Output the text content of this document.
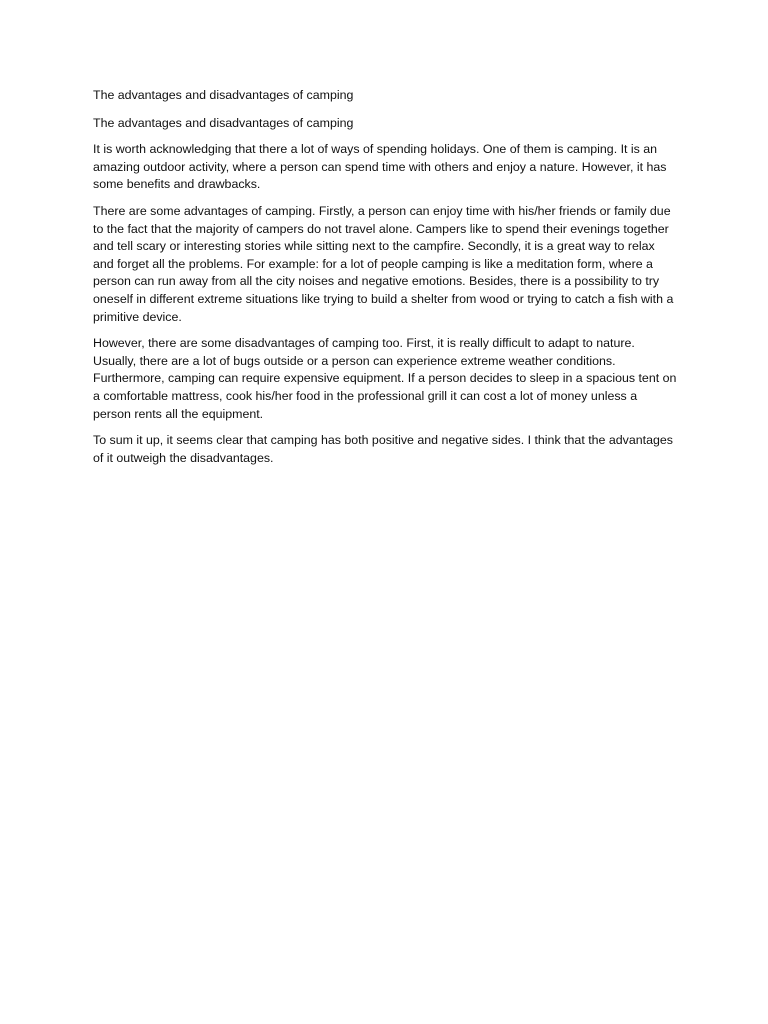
The advantages and disadvantages of camping

The advantages and disadvantages of camping

It is worth acknowledging that there a lot of ways of spending holidays. One of them is camping. It is an amazing outdoor activity, where a person can spend time with others and enjoy a nature. However, it has some benefits and drawbacks.

There are some advantages of camping. Firstly, a person can enjoy time with his/her friends or family due to the fact that the majority of campers do not travel alone. Campers like to spend their evenings together and tell scary or interesting stories while sitting next to the campfire. Secondly, it is a great way to relax and forget all the problems. For example: for a lot of people camping is like a meditation form, where a person can run away from all the city noises and negative emotions. Besides, there is a possibility to try oneself in different extreme situations like trying to build a shelter from wood or trying to catch a fish with a primitive device.

However, there are some disadvantages of camping too. First, it is really difficult to adapt to nature. Usually, there are a lot of bugs outside or a person can experience extreme weather conditions. Furthermore, camping can require expensive equipment. If a person decides to sleep in a spacious tent on a comfortable mattress, cook his/her food in the professional grill it can cost a lot of money unless a person rents all the equipment.

To sum it up, it seems clear that camping has both positive and negative sides. I think that the advantages of it outweigh the disadvantages.
